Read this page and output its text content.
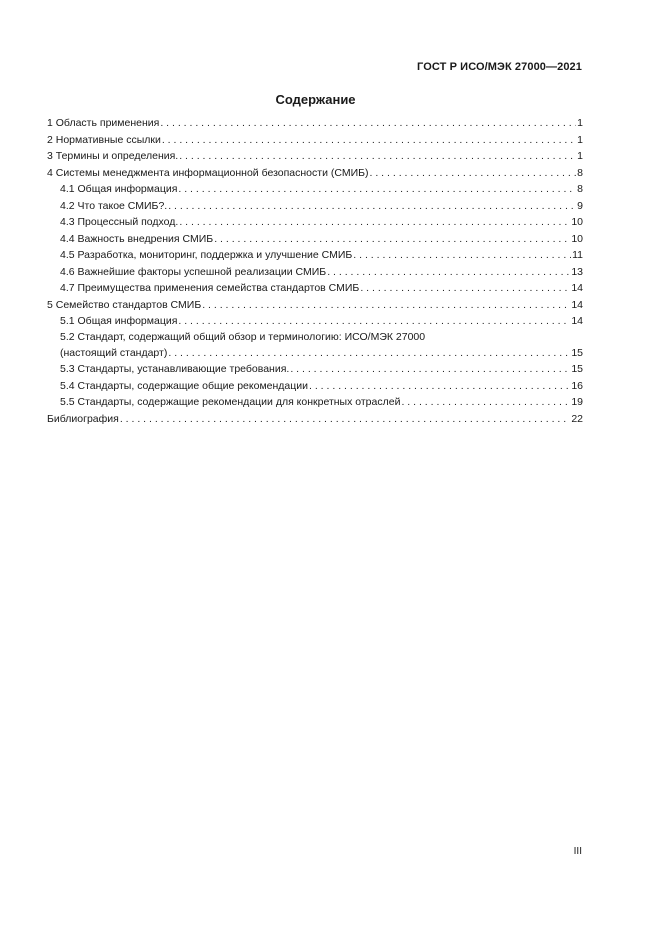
ГОСТ Р ИСО/МЭК 27000—2021
Содержание
1 Область применения . . .	1
2 Нормативные ссылки . . .	1
3 Термины и определения. . . .	1
4 Системы менеджмента информационной безопасности (СМИБ) . . .	8
4.1 Общая информация . . .	8
4.2 Что такое СМИБ?. . . .	9
4.3 Процессный подход. . . .	10
4.4 Важность внедрения СМИБ . . .	10
4.5 Разработка, мониторинг, поддержка и улучшение СМИБ . . .	11
4.6 Важнейшие факторы успешной реализации СМИБ . . .	13
4.7 Преимущества применения семейства стандартов СМИБ . . .	14
5 Семейство стандартов СМИБ . . .	14
5.1 Общая информация . . .	14
5.2 Стандарт, содержащий общий обзор и терминологию: ИСО/МЭК 27000
(настоящий стандарт) . . .	15
5.3 Стандарты, устанавливающие требования. . . .	15
5.4 Стандарты, содержащие общие рекомендации . . .	16
5.5 Стандарты, содержащие рекомендации для конкретных отраслей . . .	19
Библиография . . .	22
III
